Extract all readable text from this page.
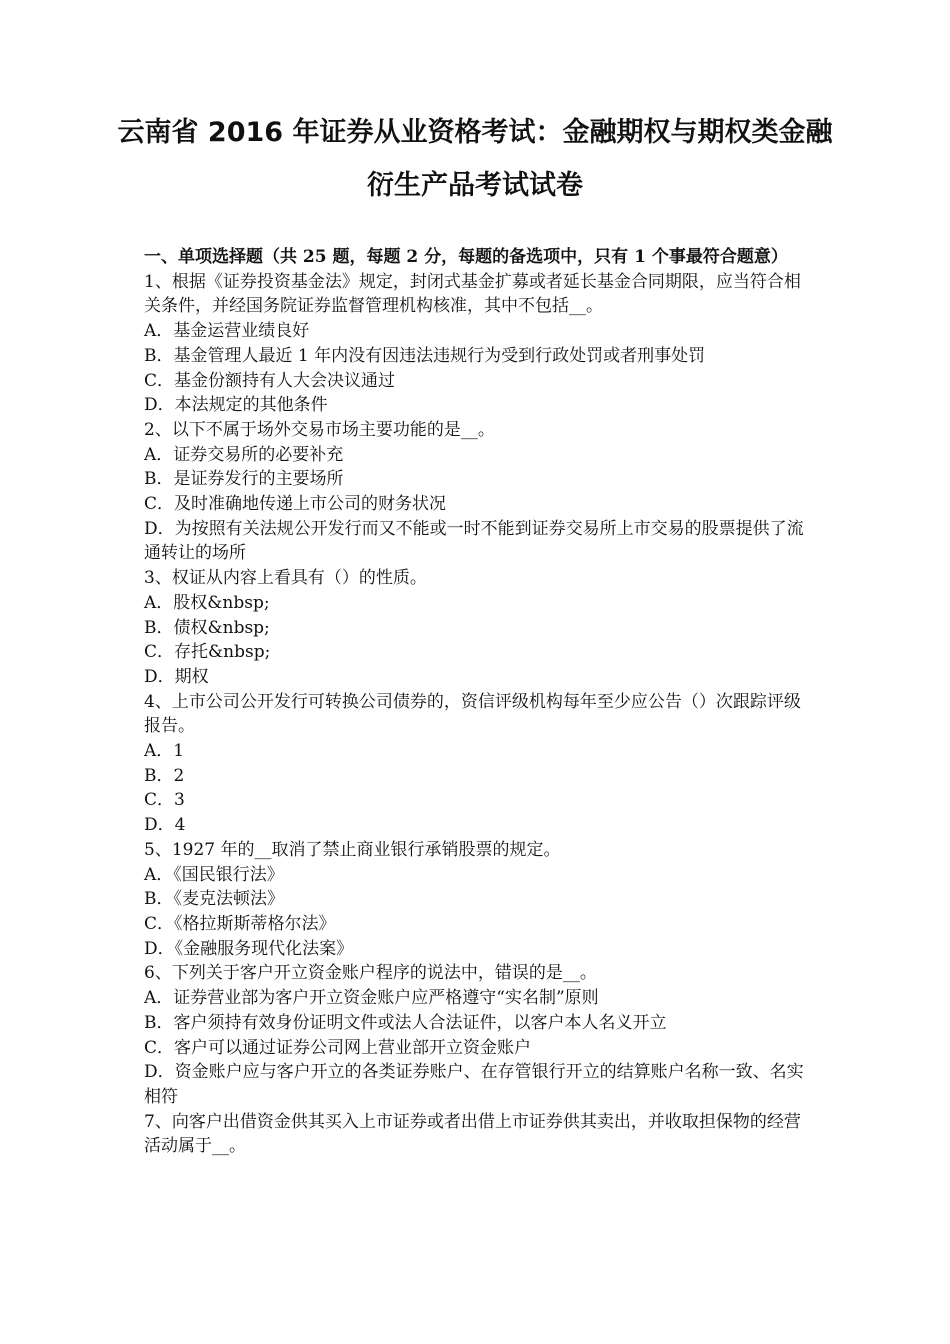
云南省 2016 年证券从业资格考试：金融期权与期权类金融
衍生产品考试试卷

一、单项选择题（共 25 题，每题 2 分，每题的备选项中，只有 1 个事最符合题意）

1、根据《证券投资基金法》规定，封闭式基金扩募或者延长基金合同期限，应当符合相关条件，并经国务院证券监督管理机构核准，其中不包括__。

A．基金运营业绩良好

B．基金管理人最近 1 年内没有因违法违规行为受到行政处罚或者刑事处罚

C．基金份额持有人大会决议通过

D．本法规定的其他条件

2、以下不属于场外交易市场主要功能的是__。

A．证券交易所的必要补充

B．是证券发行的主要场所

C．及时准确地传递上市公司的财务状况

D．为按照有关法规公开发行而又不能或一时不能到证券交易所上市交易的股票提供了流通转让的场所

3、权证从内容上看具有（）的性质。

A．股权&nbsp;

B．债权&nbsp;

C．存托&nbsp;

D．期权

4、上市公司公开发行可转换公司债券的，资信评级机构每年至少应公告（）次跟踪评级报告。

A．1

B．2

C．3

D．4

5、1927 年的__取消了禁止商业银行承销股票的规定。

A．《国民银行法》

B．《麦克法顿法》

C．《格拉斯斯蒂格尔法》

D．《金融服务现代化法案》

6、下列关于客户开立资金账户程序的说法中，错误的是__。

A．证券营业部为客户开立资金账户应严格遵守“实名制”原则

B．客户须持有效身份证明文件或法人合法证件，以客户本人名义开立

C．客户可以通过证券公司网上营业部开立资金账户

D．资金账户应与客户开立的各类证券账户、在存管银行开立的结算账户名称一致、名实相符

7、向客户出借资金供其买入上市证券或者出借上市证券供其卖出，并收取担保物的经营活动属于__。
